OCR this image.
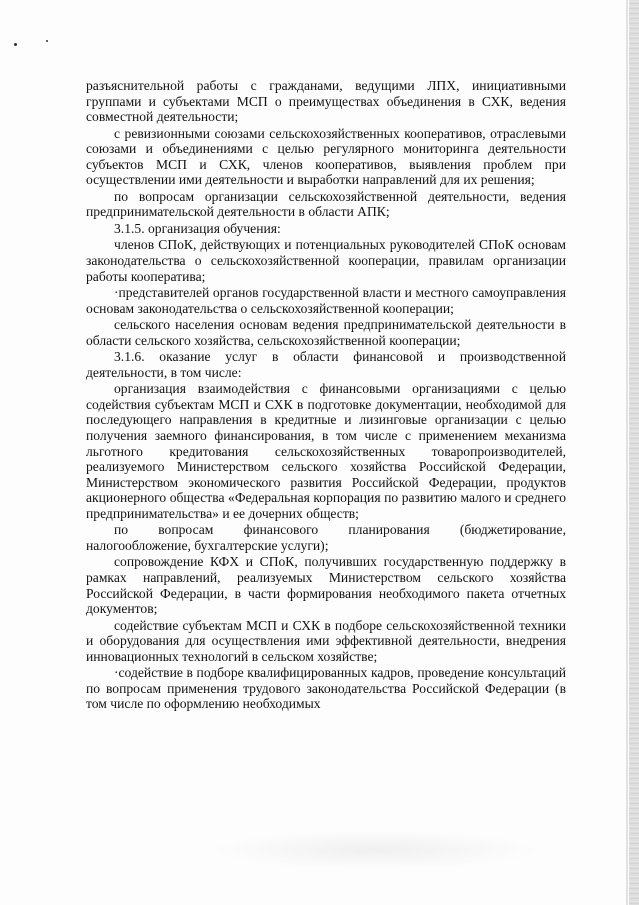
разъяснительной работы с гражданами, ведущими ЛПХ, инициативными группами и субъектами МСП о преимуществах объединения в СХК, ведения совместной деятельности;

с ревизионными союзами сельскохозяйственных кооперативов, отраслевыми союзами и объединениями с целью регулярного мониторинга деятельности субъектов МСП и СХК, членов кооперативов, выявления проблем при осуществлении ими деятельности и выработки направлений для их решения;

по вопросам организации сельскохозяйственной деятельности, ведения предпринимательской деятельности в области АПК;

3.1.5. организация обучения:

членов СПоК, действующих и потенциальных руководителей СПоК основам законодательства о сельскохозяйственной кооперации, правилам организации работы кооператива;

·представителей органов государственной власти и местного самоуправления основам законодательства о сельскохозяйственной кооперации;

сельского населения основам ведения предпринимательской деятельности в области сельского хозяйства, сельскохозяйственной кооперации;

3.1.6. оказание услуг в области финансовой и производственной деятельности, в том числе:

организация взаимодействия с финансовыми организациями с целью содействия субъектам МСП и СХК в подготовке документации, необходимой для последующего направления в кредитные и лизинговые организации с целью получения заемного финансирования, в том числе с применением механизма льготного кредитования сельскохозяйственных товаропроизводителей, реализуемого Министерством сельского хозяйства Российской Федерации, Министерством экономического развития Российской Федерации, продуктов акционерного общества «Федеральная корпорация по развитию малого и среднего предпринимательства» и ее дочерних обществ;

по вопросам финансового планирования (бюджетирование, налогообложение, бухгалтерские услуги);

сопровождение КФХ и СПоК, получивших государственную поддержку в рамках направлений, реализуемых Министерством сельского хозяйства Российской Федерации, в части формирования необходимого пакета отчетных документов;

содействие субъектам МСП и СХК в подборе сельскохозяйственной техники и оборудования для осуществления ими эффективной деятельности, внедрения инновационных технологий в сельском хозяйстве;

·содействие в подборе квалифицированных кадров, проведение консультаций по вопросам применения трудового законодательства Российской Федерации (в том числе по оформлению необходимых
